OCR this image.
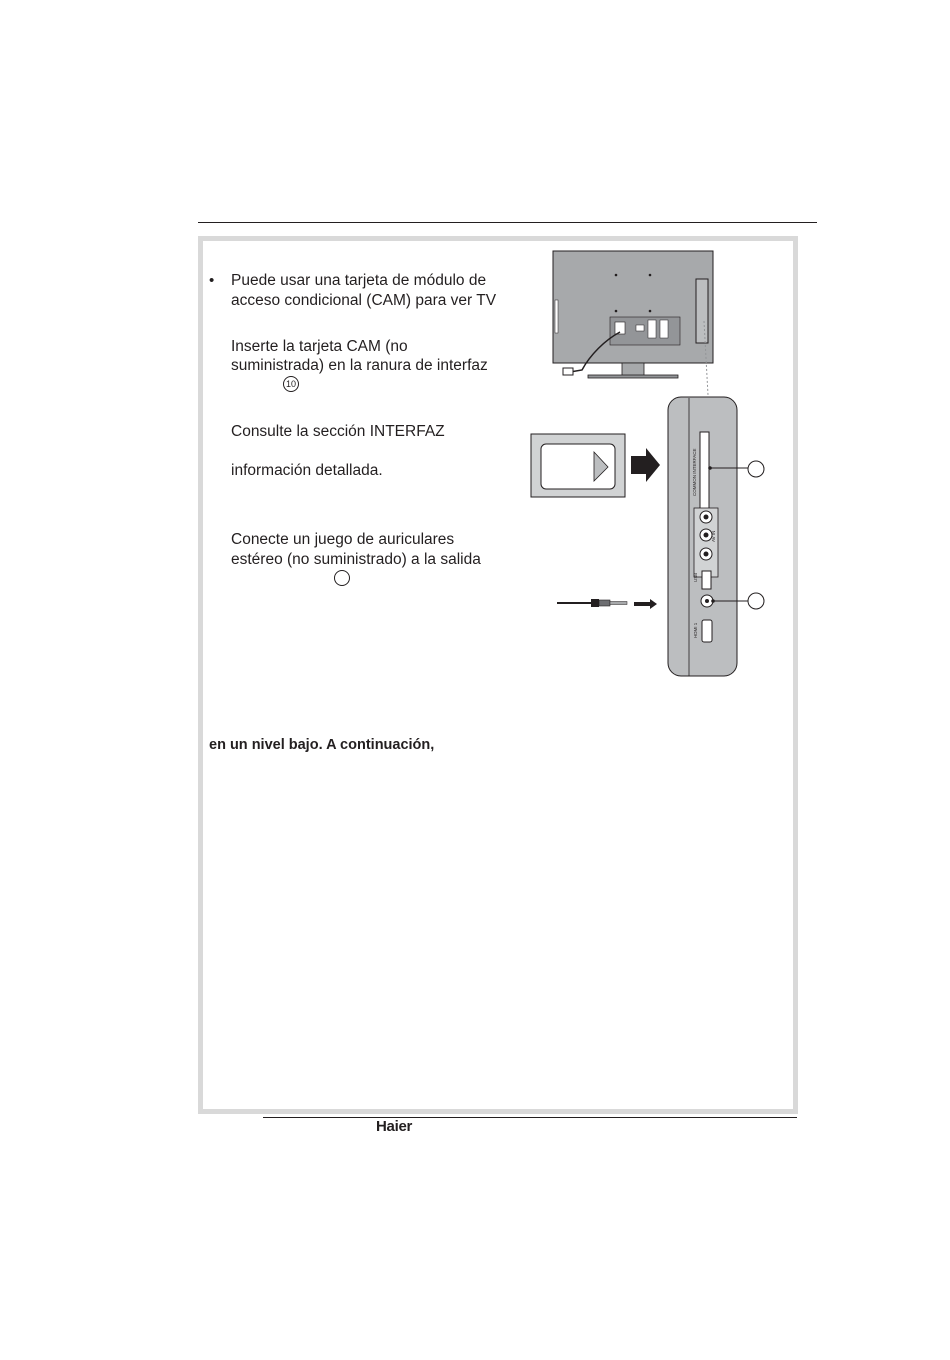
• Puede usar una tarjeta de módulo de
acceso condicional (CAM) para ver TV
Inserte la tarjeta CAM (no
suministrada) en la ranura de interfaz
10
Consulte la sección INTERFAZ
información detallada.
Conecte un juego de auriculares
estéreo (no suministrado) a la salida
en un nivel bajo. A continuación,
COMMON INTERFACE
AV IN
USB
HDMI 1
Haier
